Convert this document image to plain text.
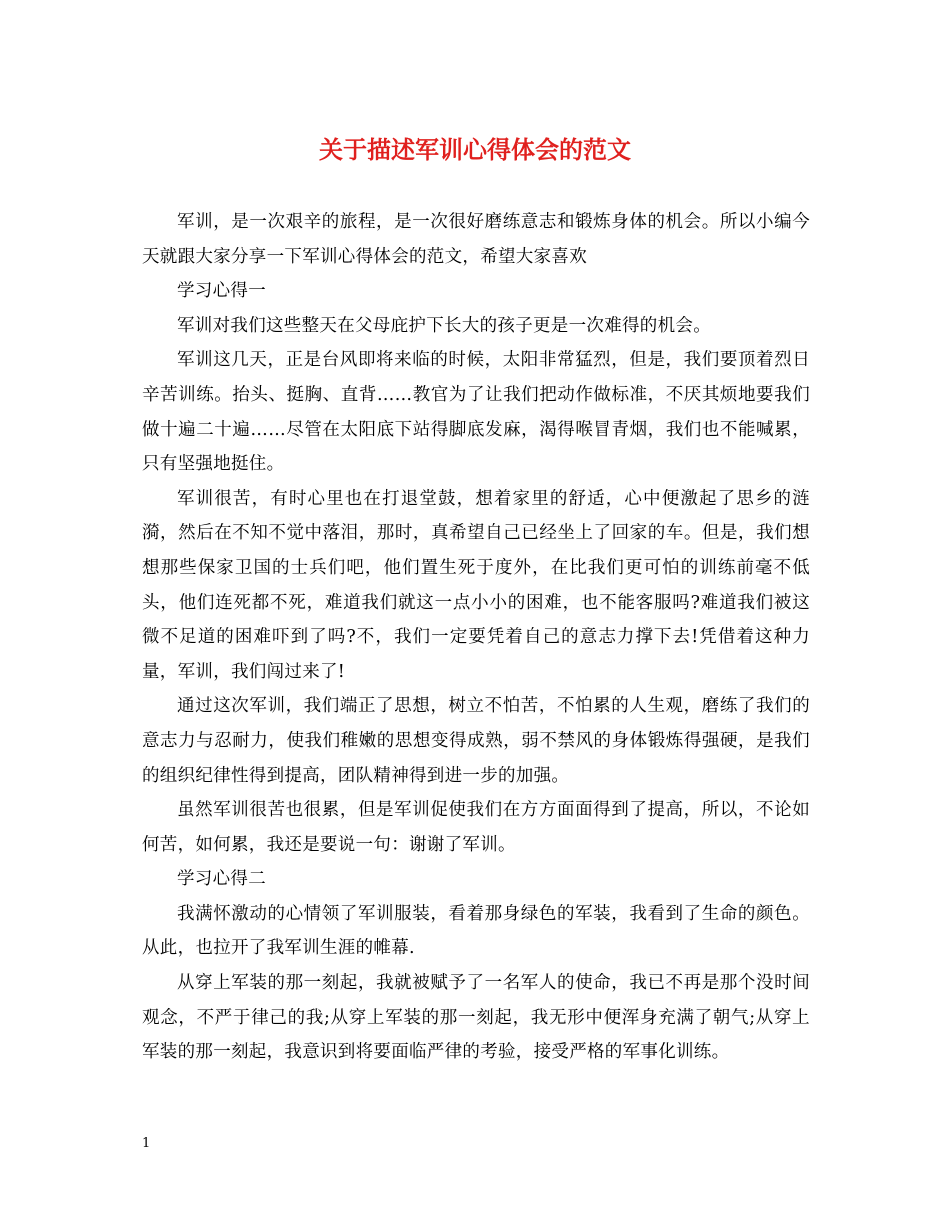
关于描述军训心得体会的范文

军训，是一次艰辛的旅程，是一次很好磨练意志和锻炼身体的机会。所以小编今天就跟大家分享一下军训心得体会的范文，希望大家喜欢

学习心得一

军训对我们这些整天在父母庇护下长大的孩子更是一次难得的机会。

军训这几天，正是台风即将来临的时候，太阳非常猛烈，但是，我们要顶着烈日辛苦训练。抬头、挺胸、直背……教官为了让我们把动作做标准，不厌其烦地要我们做十遍二十遍……尽管在太阳底下站得脚底发麻，渴得喉冒青烟，我们也不能喊累，只有坚强地挺住。

军训很苦，有时心里也在打退堂鼓，想着家里的舒适，心中便激起了思乡的涟漪，然后在不知不觉中落泪，那时，真希望自己已经坐上了回家的车。但是，我们想想那些保家卫国的士兵们吧，他们置生死于度外，在比我们更可怕的训练前毫不低头，他们连死都不死，难道我们就这一点小小的困难，也不能客服吗?难道我们被这微不足道的困难吓到了吗?不，我们一定要凭着自己的意志力撑下去!凭借着这种力量，军训，我们闯过来了!

通过这次军训，我们端正了思想，树立不怕苦，不怕累的人生观，磨练了我们的意志力与忍耐力，使我们稚嫩的思想变得成熟，弱不禁风的身体锻炼得强硬，是我们的组织纪律性得到提高，团队精神得到进一步的加强。

虽然军训很苦也很累，但是军训促使我们在方方面面得到了提高，所以，不论如何苦，如何累，我还是要说一句：谢谢了军训。

学习心得二

我满怀激动的心情领了军训服装，看着那身绿色的军装，我看到了生命的颜色。从此，也拉开了我军训生涯的帷幕.

从穿上军装的那一刻起，我就被赋予了一名军人的使命，我已不再是那个没时间观念，不严于律己的我;从穿上军装的那一刻起，我无形中便浑身充满了朝气;从穿上军装的那一刻起，我意识到将要面临严律的考验，接受严格的军事化训练。

1
